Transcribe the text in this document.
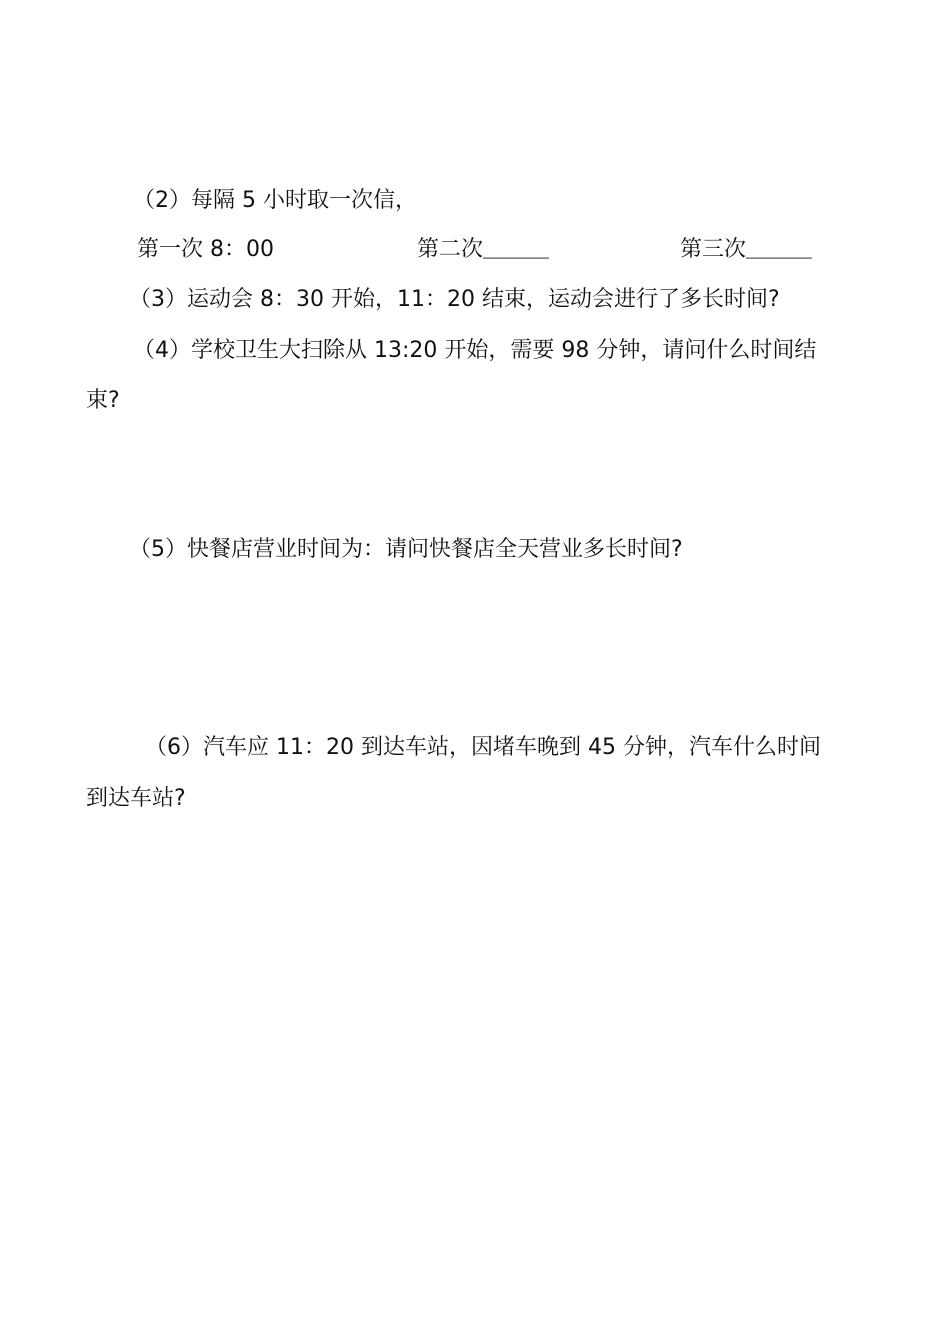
（2）每隔 5 小时取一次信，
第一次 8：00	第二次＿＿＿	第三次＿＿＿
（3）运动会 8：30 开始，11：20 结束，运动会进行了多长时间?
（4）学校卫生大扫除从 13:20 开始，需要 98 分钟，请问什么时间结
束?
（5）快餐店营业时间为：请问快餐店全天营业多长时间?
（6）汽车应 11：20 到达车站，因堵车晚到 45 分钟，汽车什么时间
到达车站?
